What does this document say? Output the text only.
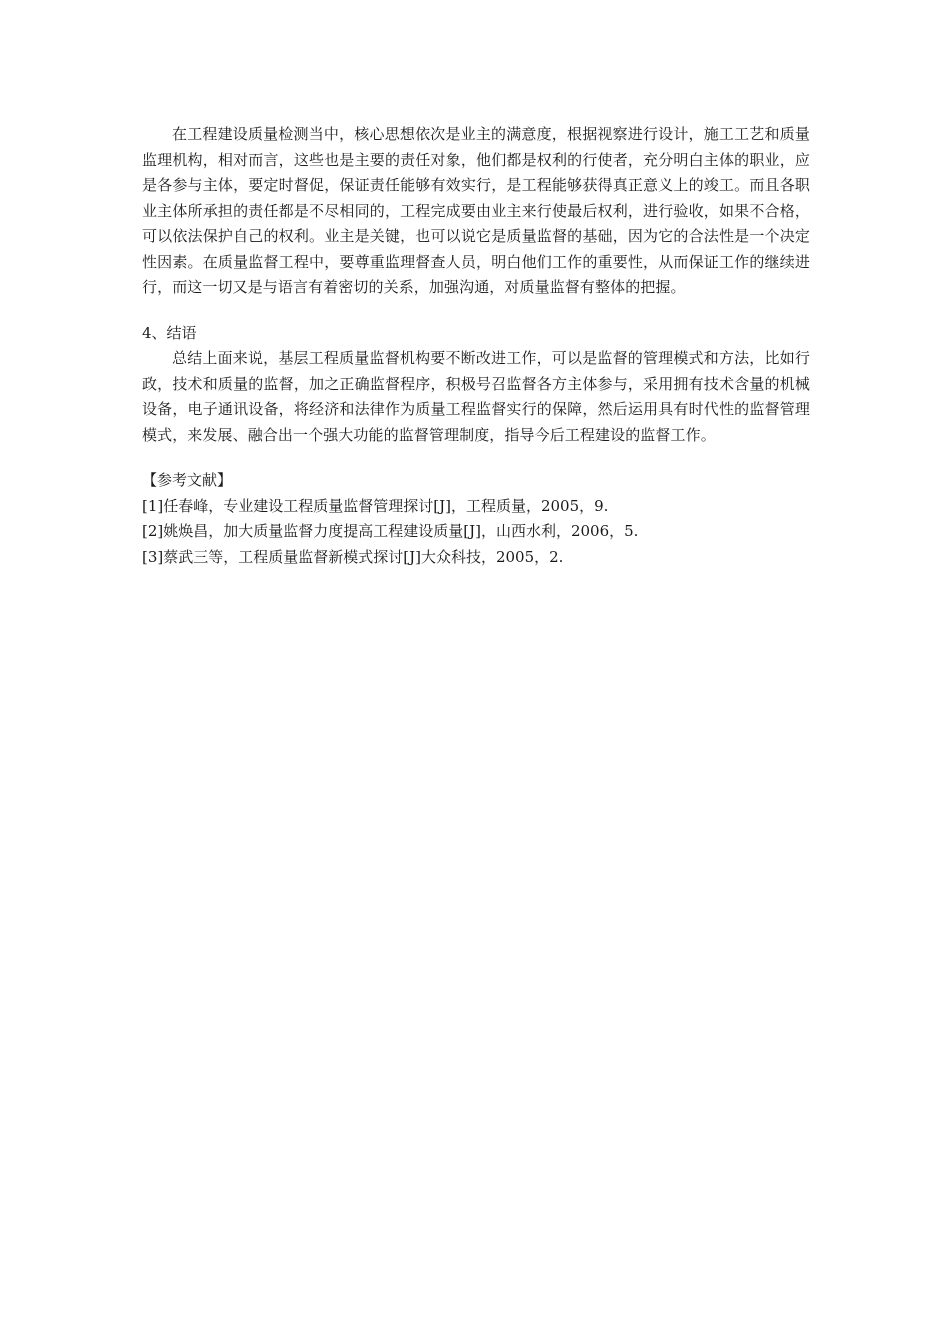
在工程建设质量检测当中，核心思想依次是业主的满意度，根据视察进行设计，施工工艺和质量监理机构，相对而言，这些也是主要的责任对象，他们都是权利的行使者，充分明白主体的职业，应是各参与主体，要定时督促，保证责任能够有效实行，是工程能够获得真正意义上的竣工。而且各职业主体所承担的责任都是不尽相同的，工程完成要由业主来行使最后权利，进行验收，如果不合格，可以依法保护自己的权利。业主是关键，也可以说它是质量监督的基础，因为它的合法性是一个决定性因素。在质量监督工程中，要尊重监理督查人员，明白他们工作的重要性，从而保证工作的继续进行，而这一切又是与语言有着密切的关系，加强沟通，对质量监督有整体的把握。

4、结语

总结上面来说，基层工程质量监督机构要不断改进工作，可以是监督的管理模式和方法，比如行政，技术和质量的监督，加之正确监督程序，积极号召监督各方主体参与，采用拥有技术含量的机械设备，电子通讯设备，将经济和法律作为质量工程监督实行的保障，然后运用具有时代性的监督管理模式，来发展、融合出一个强大功能的监督管理制度，指导今后工程建设的监督工作。

【参考文献】

[1]任春峰，专业建设工程质量监督管理探讨[J]，工程质量，2005，9.
[2]姚焕昌，加大质量监督力度提高工程建设质量[J]，山西水利，2006，5.
[3]蔡武三等，工程质量监督新模式探讨[J]大众科技，2005，2.
